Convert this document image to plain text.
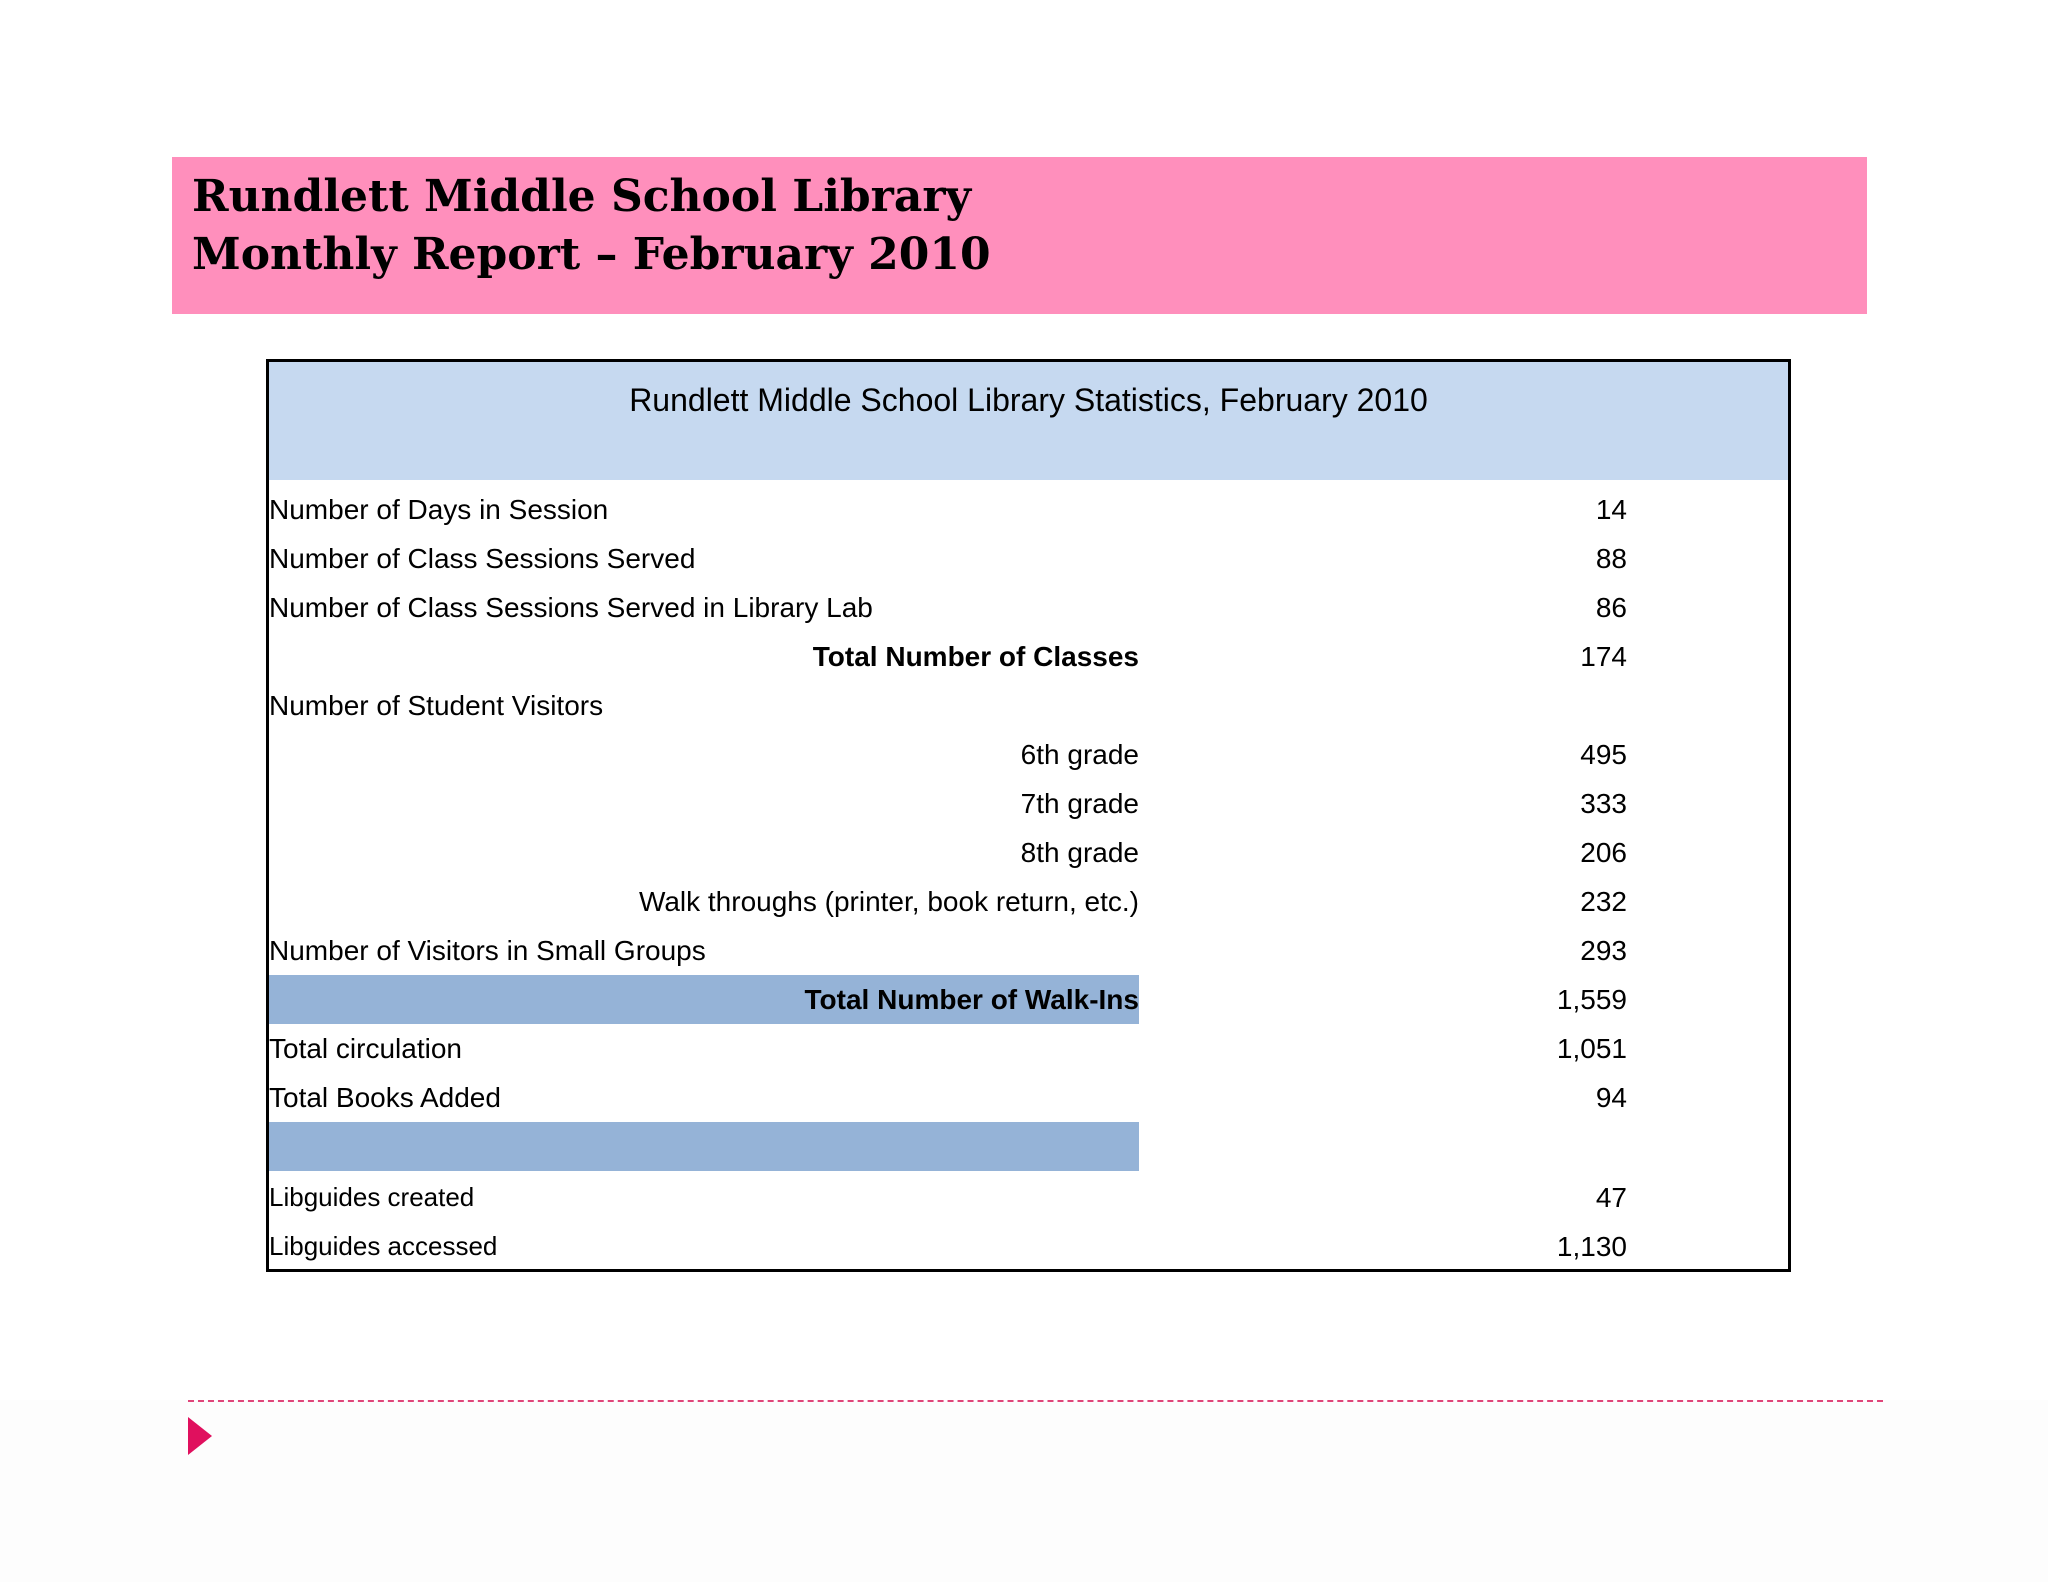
Rundlett Middle School Library
Monthly Report – February 2010
Rundlett Middle School Library Statistics, February 2010
Number of Days in Session	14
Number of Class Sessions Served	88
Number of Class Sessions Served in Library Lab	86
Total Number of Classes	174
Number of Student Visitors
6th grade	495
7th grade	333
8th grade	206
Walk throughs (printer, book return, etc.)	232
Number of Visitors in Small Groups	293
Total Number of Walk-Ins	1,559
Total circulation	1,051
Total Books Added	94
Libguides created	47
Libguides accessed	1,130
